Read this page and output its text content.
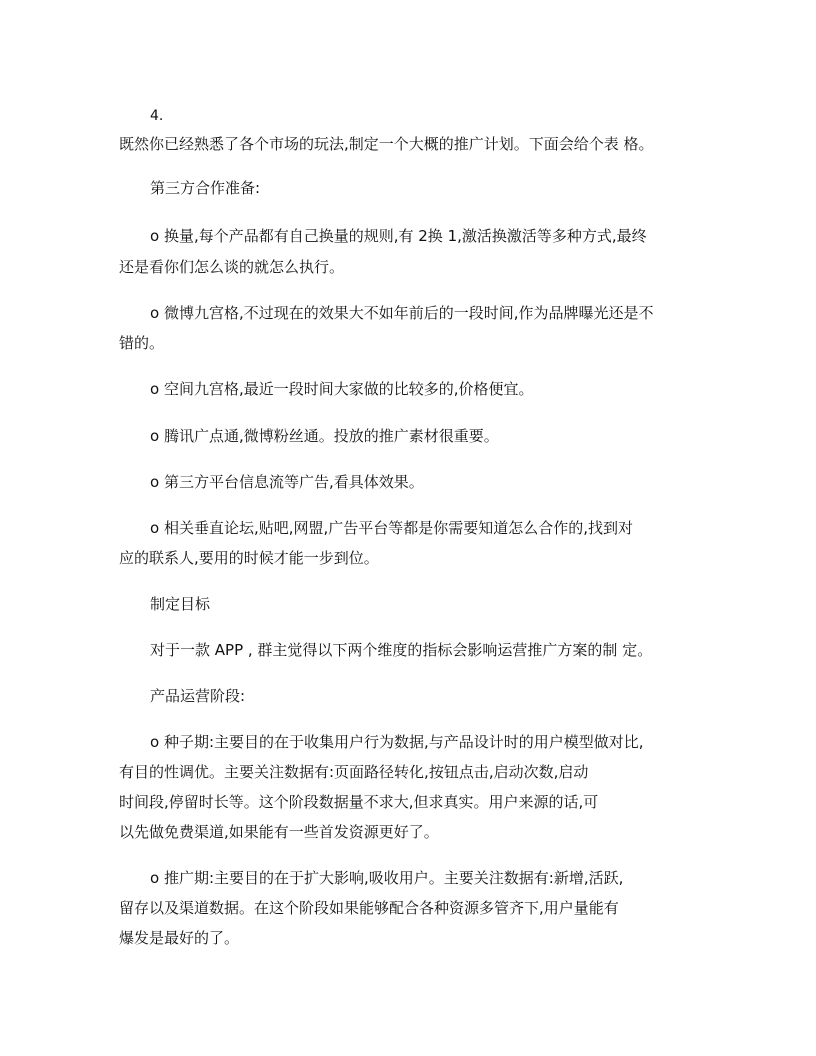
4.
既然你已经熟悉了各个市场的玩法,制定一个大概的推广计划。下面会给个表 格。
第三方合作准备:
o 换量,每个产品都有自己换量的规则,有 2换 1,激活换激活等多种方式,最终
还是看你们怎么谈的就怎么执行。
o 微博九宫格,不过现在的效果大不如年前后的一段时间,作为品牌曝光还是不
错的。
o 空间九宫格,最近一段时间大家做的比较多的,价格便宜。
o 腾讯广点通,微博粉丝通。投放的推广素材很重要。
o 第三方平台信息流等广告,看具体效果。
o 相关垂直论坛,贴吧,网盟,广告平台等都是你需要知道怎么合作的,找到对
应的联系人,要用的时候才能一步到位。
制定目标
对于一款 APP , 群主觉得以下两个维度的指标会影响运营推广方案的制 定。
产品运营阶段:
o 种子期:主要目的在于收集用户行为数据,与产品设计时的用户模型做对比,
有目的性调优。主要关注数据有:页面路径转化,按钮点击,启动次数,启动
时间段,停留时长等。这个阶段数据量不求大,但求真实。用户来源的话,可
以先做免费渠道,如果能有一些首发资源更好了。
o 推广期:主要目的在于扩大影响,吸收用户。主要关注数据有:新增,活跃,
留存以及渠道数据。在这个阶段如果能够配合各种资源多管齐下,用户量能有
爆发是最好的了。
